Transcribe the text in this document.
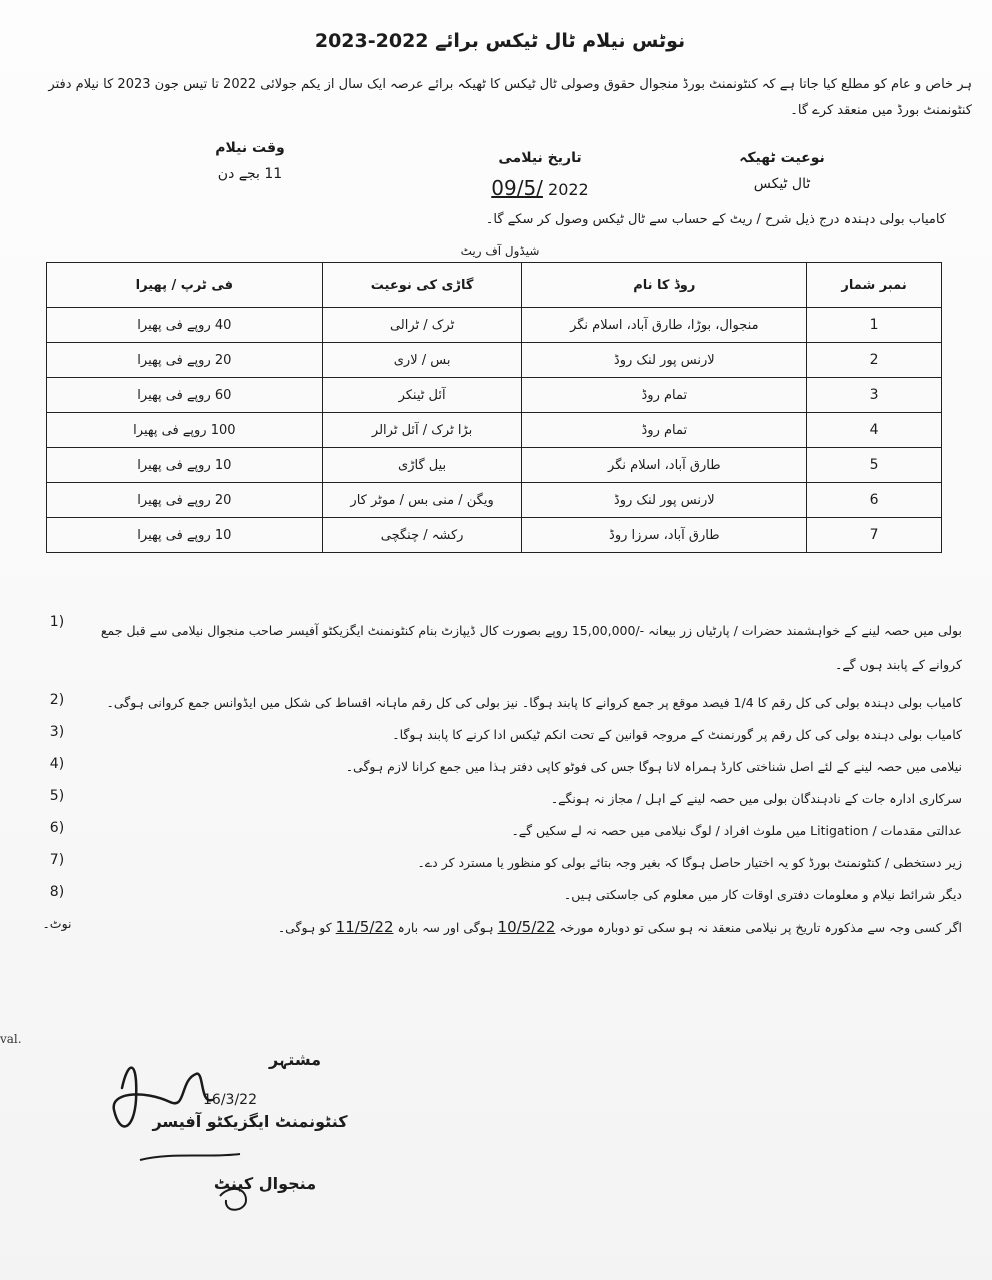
نوٹس نیلام ٹال ٹیکس برائے 2022-2023
ہر خاص و عام کو مطلع کیا جاتا ہے کہ کنٹونمنٹ بورڈ منجوال حقوق وصولی ٹال ٹیکس کا ٹھیکہ برائے عرصہ ایک سال از یکم جولائی 2022 تا تیس جون 2023 کا نیلام دفتر کنٹونمنٹ بورڈ میں منعقد کرے گا۔
نوعیت ٹھیکہ
ٹال ٹیکس
تاریخ نیلامی
09/5/ 2022
وقت نیلام
11 بجے دن
کامیاب بولی دہندہ درج ذیل شرح / ریٹ کے حساب سے ٹال ٹیکس وصول کر سکے گا۔
شیڈول آف ریٹ
نمبر شمار	روڈ کا نام	گاڑی کی نوعیت	فی ٹرپ / پھیرا
1	منجوال، بوڑا، طارق آباد، اسلام نگر	ٹرک / ٹرالی	40 روپے فی پھیرا
2	لارنس پور لنک روڈ	بس / لاری	20 روپے فی پھیرا
3	تمام روڈ	آئل ٹینکر	60 روپے فی پھیرا
4	تمام روڈ	بڑا ٹرک / آئل ٹرالر	100 روپے فی پھیرا
5	طارق آباد، اسلام نگر	بیل گاڑی	10 روپے فی پھیرا
6	لارنس پور لنک روڈ	ویگن / منی بس / موٹر کار	20 روپے فی پھیرا
7	طارق آباد، سرزا روڈ	رکشہ / چنگچی	10 روپے فی پھیرا
(1
بولی میں حصہ لینے کے خواہشمند حضرات / پارٹیاں زر بیعانہ -/15,00,000 روپے بصورت کال ڈیپازٹ بنام کنٹونمنٹ ایگزیکٹو آفیسر صاحب منجوال نیلامی سے قبل جمع کروانے کے پابند ہوں گے۔
(2	کامیاب بولی دہندہ بولی کی کل رقم کا 1/4 فیصد موقع پر جمع کروانے کا پابند ہوگا۔ نیز بولی کی کل رقم ماہانہ اقساط کی شکل میں ایڈوانس جمع کروانی ہوگی۔
(3	کامیاب بولی دہندہ بولی کی کل رقم پر گورنمنٹ کے مروجہ قوانین کے تحت انکم ٹیکس ادا کرنے کا پابند ہوگا۔
(4	نیلامی میں حصہ لینے کے لئے اصل شناختی کارڈ ہمراہ لانا ہوگا جس کی فوٹو کاپی دفتر ہذا میں جمع کرانا لازم ہوگی۔
(5	سرکاری ادارہ جات کے نادہندگان بولی میں حصہ لینے کے اہل / مجاز نہ ہونگے۔
(6	عدالتی مقدمات / Litigation میں ملوث افراد / لوگ نیلامی میں حصہ نہ لے سکیں گے۔
(7	زیر دستخطی / کنٹونمنٹ بورڈ کو یہ اختیار حاصل ہوگا کہ بغیر وجہ بتائے بولی کو منظور یا مسترد کر دے۔
(8	دیگر شرائط نیلام و معلومات دفتری اوقات کار میں معلوم کی جاسکتی ہیں۔
نوٹ۔	اگر کسی وجہ سے مذکورہ تاریخ پر نیلامی منعقد نہ ہو سکی تو دوبارہ مورخہ 10/5/22 ہوگی اور سہ بارہ 11/5/22 کو ہوگی۔
val.
مشتہر
16/3/22
کنٹونمنٹ ایگزیکٹو آفیسر
منجوال کینٹ
